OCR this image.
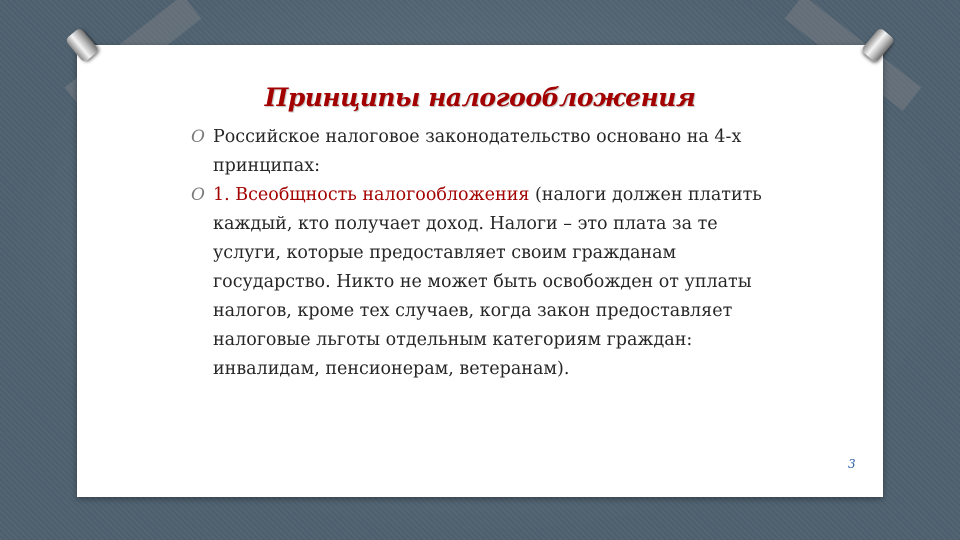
Принципы налогообложения

O Российское налоговое законодательство основано на 4-х принципах:

O 1. Всеобщность налогообложения (налоги должен платить каждый, кто получает доход. Налоги – это плата за те услуги, которые предоставляет своим гражданам государство. Никто не может быть освобожден от уплаты налогов, кроме тех случаев, когда закон предоставляет налоговые льготы отдельным категориям граждан: инвалидам, пенсионерам, ветеранам).

3
